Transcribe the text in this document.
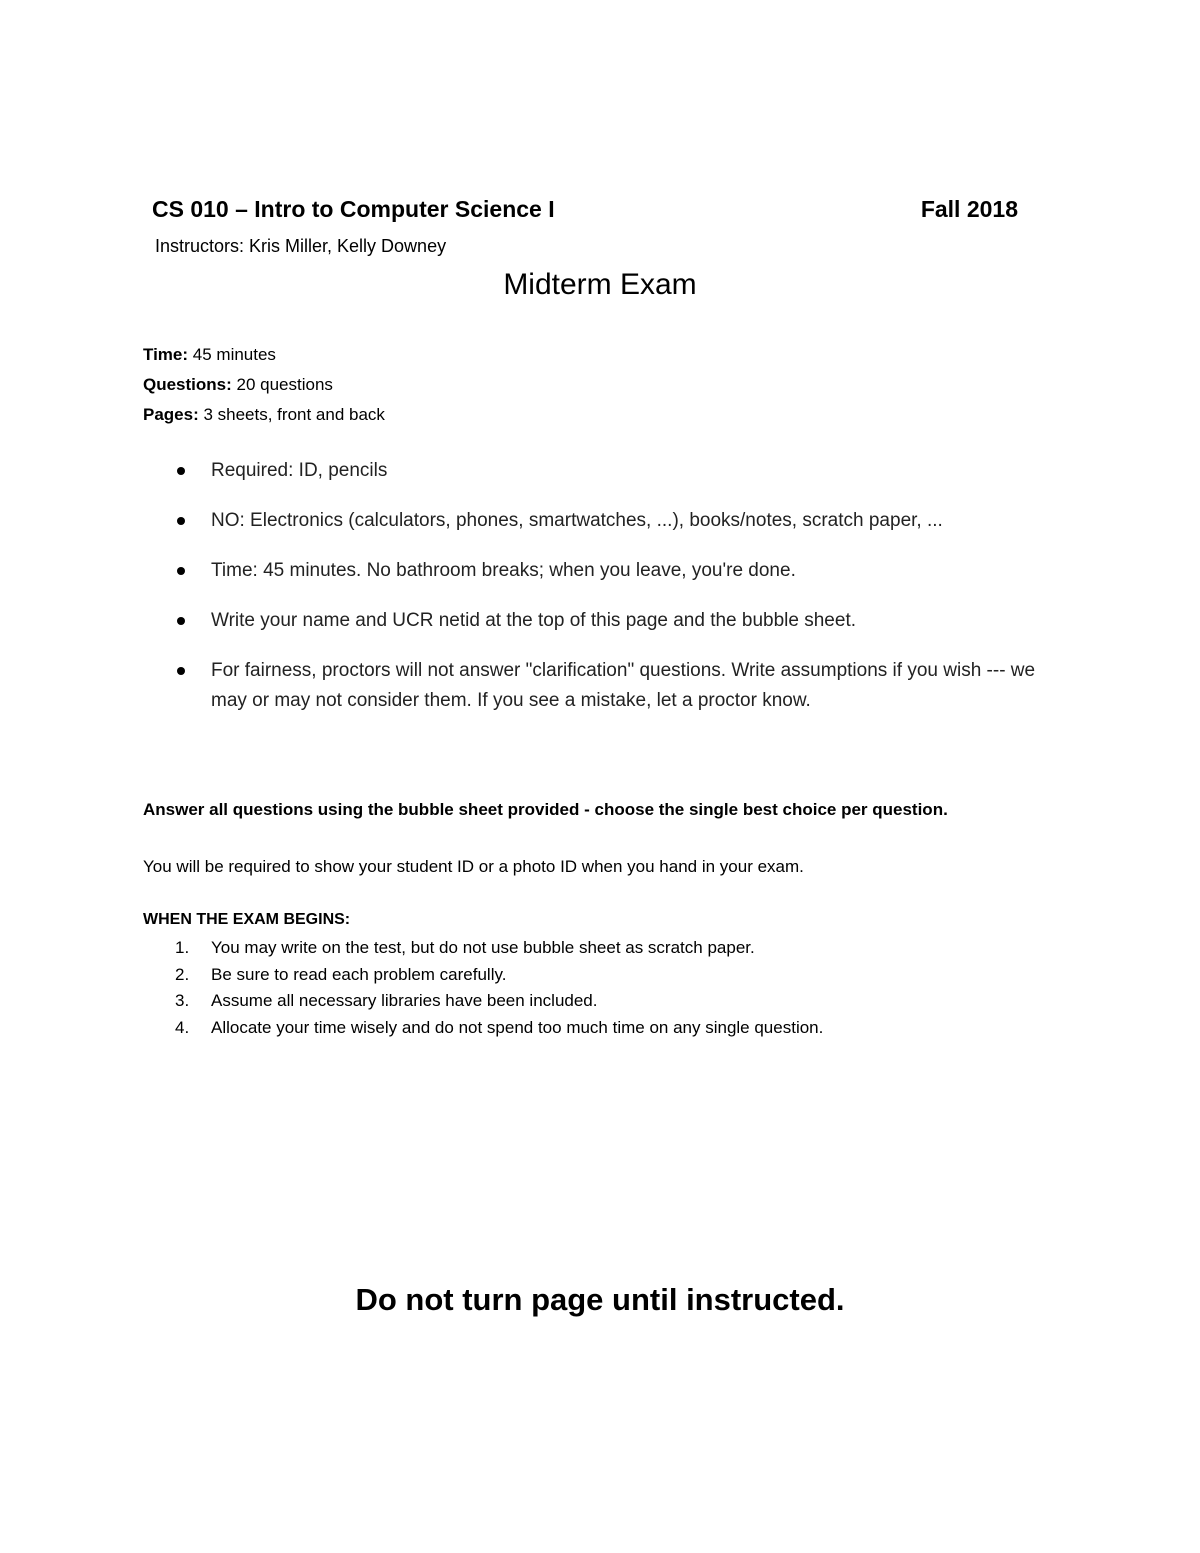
CS 010 – Intro to Computer Science I	Fall 2018
Instructors: Kris Miller, Kelly Downey
Midterm Exam
Time: 45 minutes
Questions: 20 questions
Pages: 3 sheets, front and back
Required: ID, pencils
NO: Electronics (calculators, phones, smartwatches, ...), books/notes, scratch paper, ...
Time: 45 minutes. No bathroom breaks; when you leave, you're done.
Write your name and UCR netid at the top of this page and the bubble sheet.
For fairness, proctors will not answer "clarification" questions. Write assumptions if you wish --- we may or may not consider them. If you see a mistake, let a proctor know.
Answer all questions using the bubble sheet provided - choose the single best choice per question.
You will be required to show your student ID or a photo ID when you hand in your exam.
WHEN THE EXAM BEGINS:
1. You may write on the test, but do not use bubble sheet as scratch paper.
2. Be sure to read each problem carefully.
3. Assume all necessary libraries have been included.
4. Allocate your time wisely and do not spend too much time on any single question.
Do not turn page until instructed.
